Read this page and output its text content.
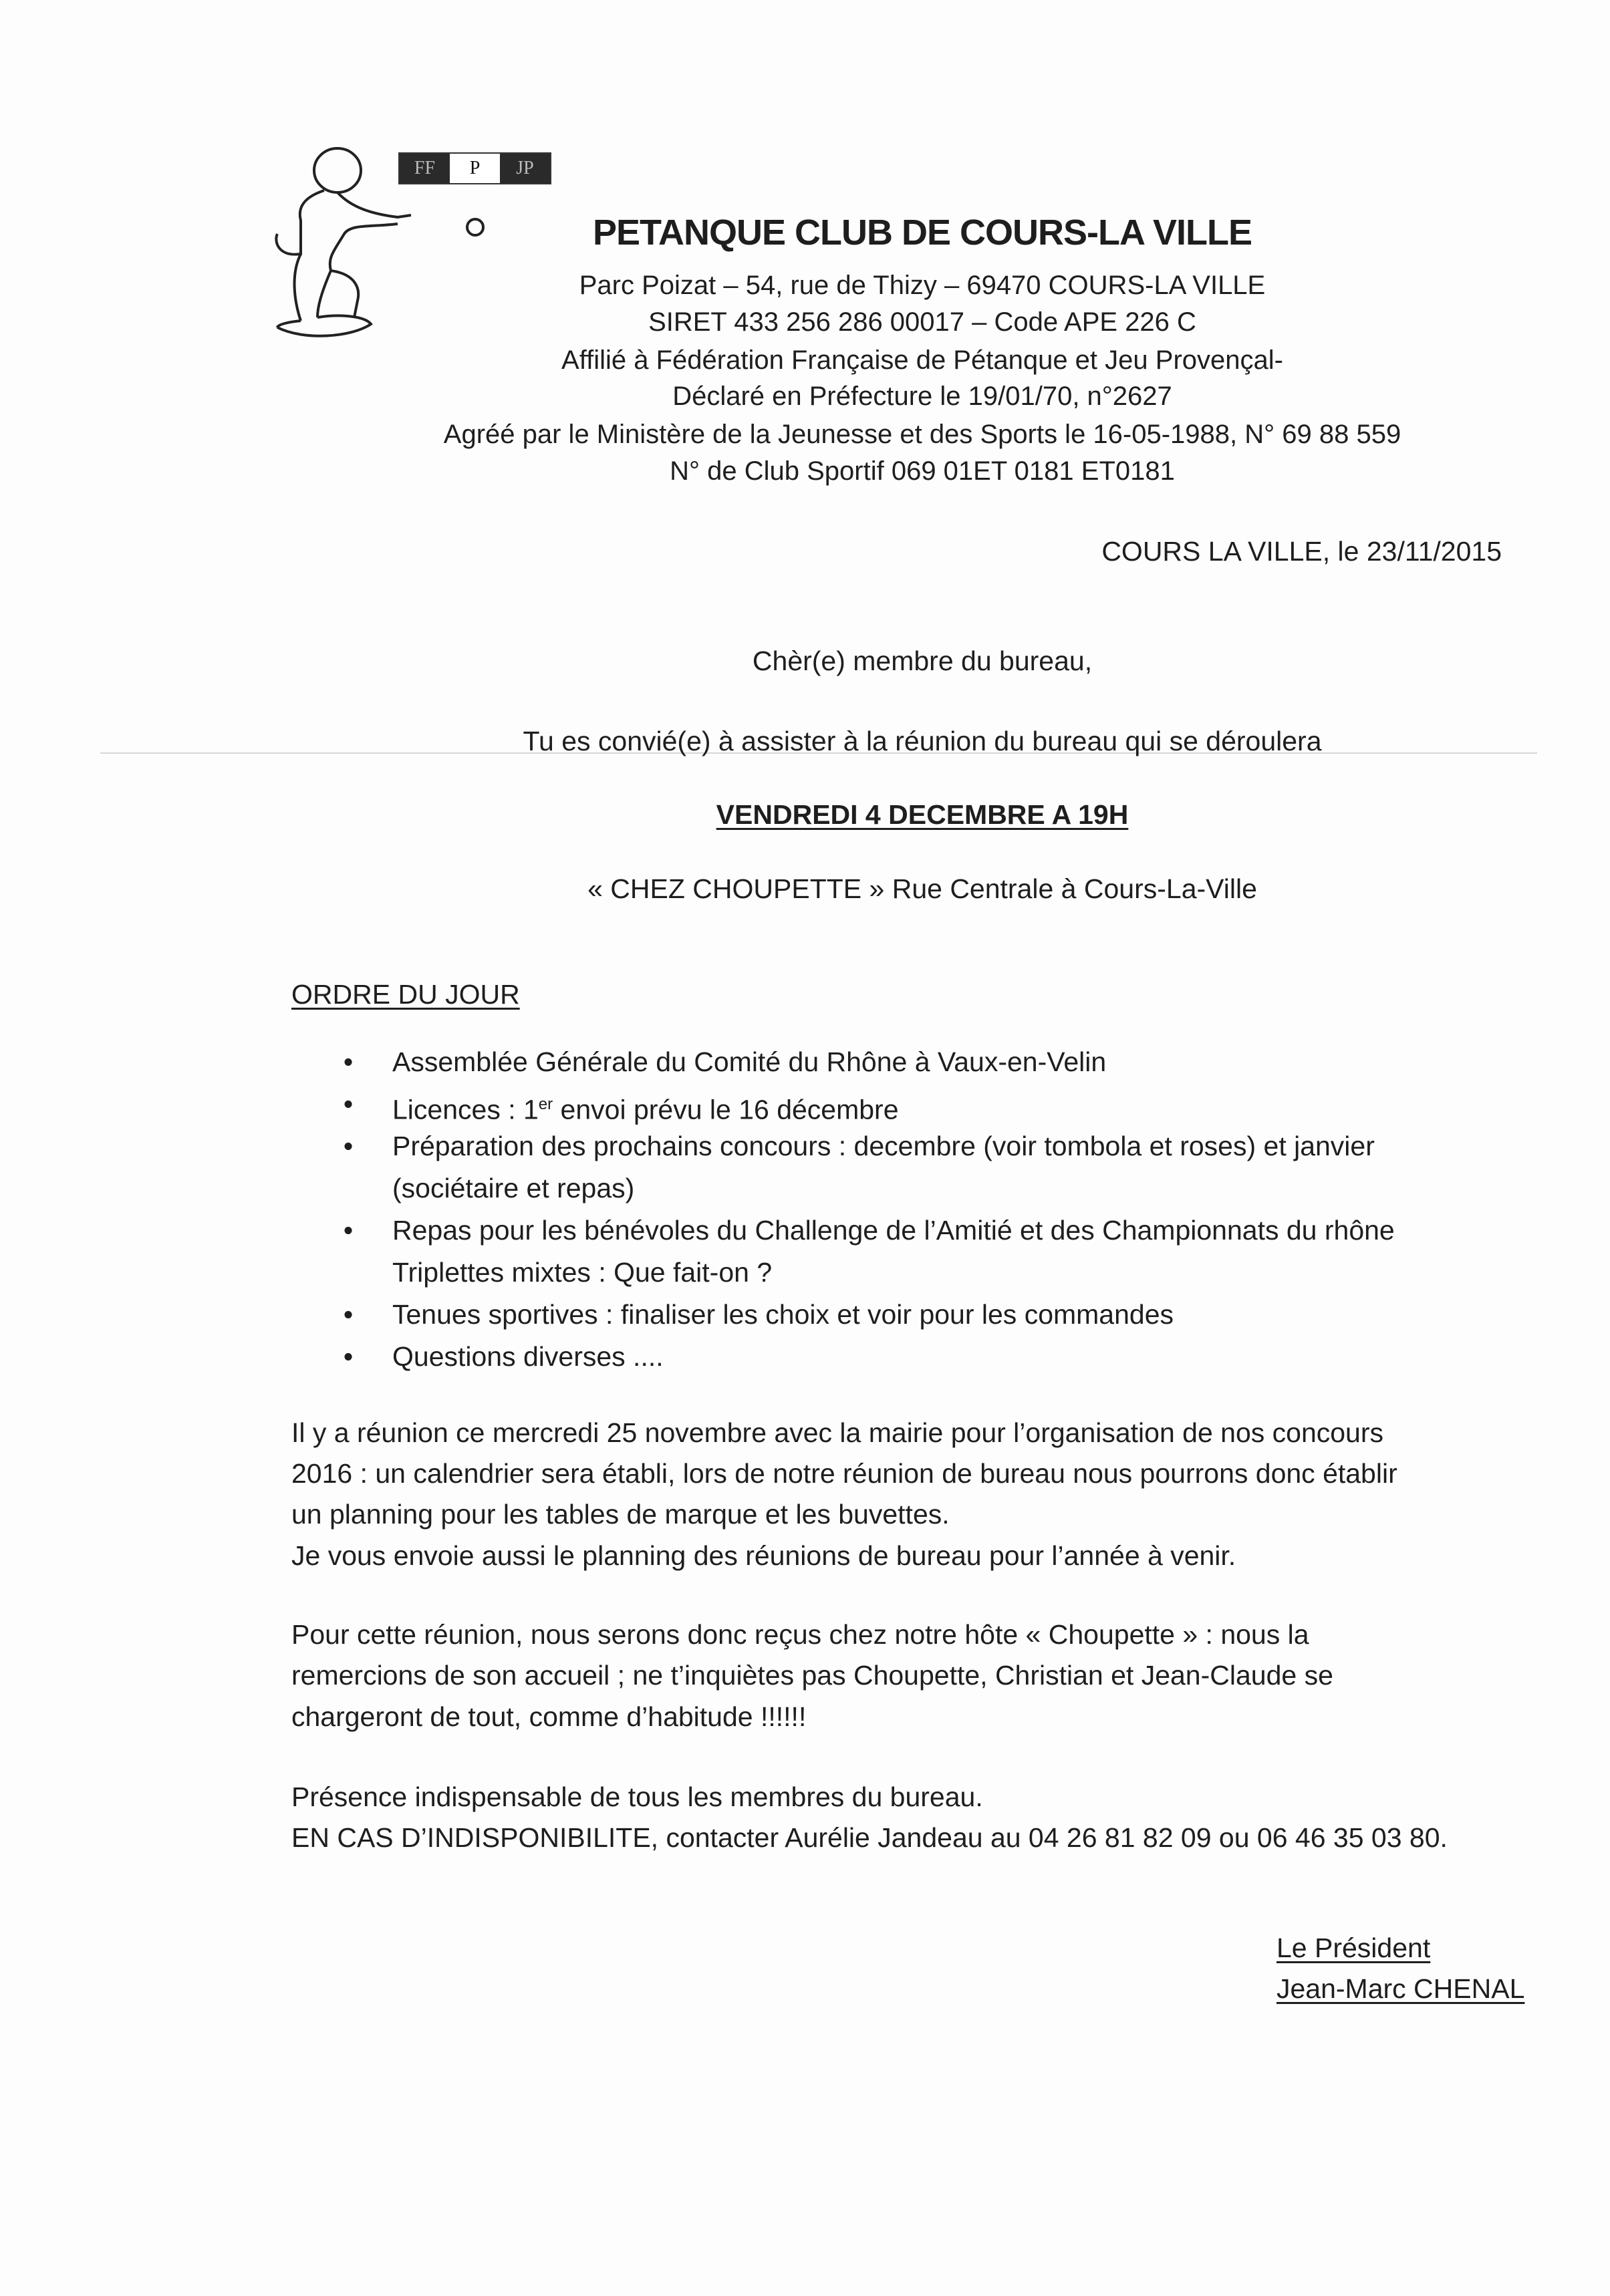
FF	P	JP
PETANQUE CLUB DE COURS-LA VILLE
Parc Poizat – 54, rue de Thizy – 69470 COURS-LA VILLE
SIRET 433 256 286 00017 – Code APE 226 C
Affilié à Fédération Française de Pétanque et Jeu Provençal-
Déclaré en Préfecture le 19/01/70, n°2627
Agréé par le Ministère de la Jeunesse et des Sports le 16-05-1988, N° 69 88 559
N° de Club Sportif 069 01ET 0181 ET0181
COURS LA VILLE, le 23/11/2015
Chèr(e) membre du bureau,
Tu es convié(e) à assister à la réunion du bureau qui se déroulera
VENDREDI 4 DECEMBRE A 19H
« CHEZ CHOUPETTE » Rue Centrale à Cours-La-Ville
ORDRE DU JOUR
• Assemblée Générale du Comité du Rhône à Vaux-en-Velin
• Licences : 1er envoi prévu le 16 décembre
• Préparation des prochains concours : decembre (voir tombola et roses) et janvier
(sociétaire et repas)
• Repas pour les bénévoles du Challenge de l’Amitié et des Championnats du rhône
Triplettes mixtes : Que fait-on ?
• Tenues sportives : finaliser les choix et voir pour les commandes
• Questions diverses ....
Il y a réunion ce mercredi 25 novembre avec la mairie pour l’organisation de nos concours
2016 : un calendrier sera établi, lors de notre réunion de bureau nous pourrons donc établir
un planning pour les tables de marque et les buvettes.
Je vous envoie aussi le planning des réunions de bureau pour l’année à venir.
Pour cette réunion, nous serons donc reçus chez notre hôte « Choupette » : nous la
remercions de son accueil ; ne t’inquiètes pas Choupette, Christian et Jean-Claude se
chargeront de tout, comme d’habitude !!!!!!
Présence indispensable de tous les membres du bureau.
EN CAS D’INDISPONIBILITE, contacter Aurélie Jandeau au 04 26 81 82 09 ou 06 46 35 03 80.
Le Président
Jean-Marc CHENAL
